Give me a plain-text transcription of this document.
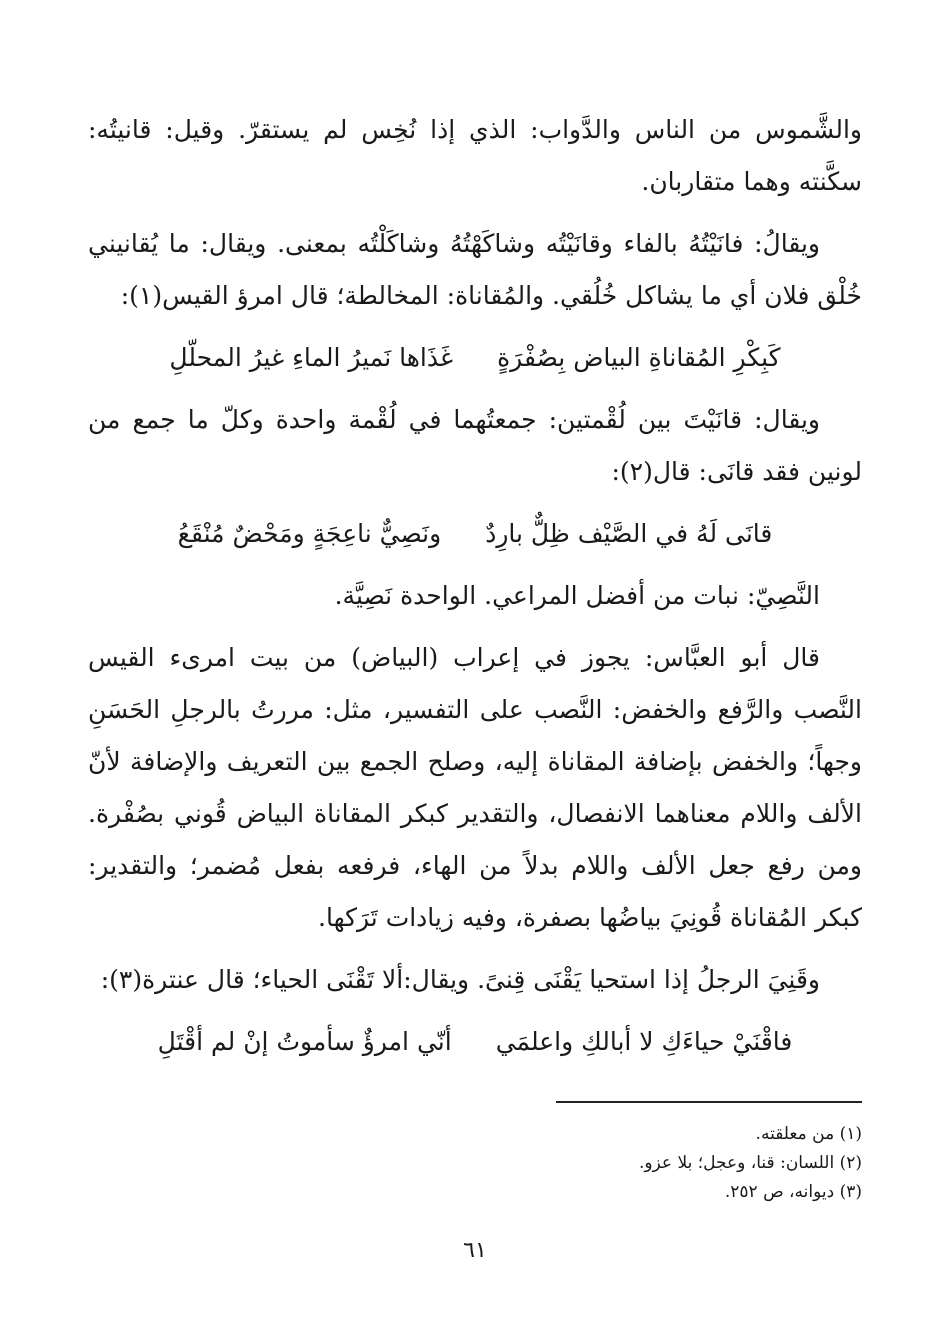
والشَّموس من الناس والدَّواب: الذي إذا نُخِس لم يستقرّ. وقيل: قانيتُه: سكَّنته وهما متقاربان.

ويقالُ: فانَيْتُهُ بالفاء وقانَيْتُه وشاكَهْتُهُ وشاكَلْتُه بمعنى. ويقال: ما يُقانيني خُلْق فلان أي ما يشاكل خُلُقي. والمُقاناة: المخالطة؛ قال امرؤ القيس(١):

كَبِكْرِ المُقاناةِ البياض بِصُفْرَةٍ
غَذَاها نَميرُ الماءِ غيرُ المحلّلِ

ويقال: قانَيْتَ بين لُقْمتين: جمعتُهما في لُقْمة واحدة وكلّ ما جمع من لونين فقد قانَى: قال(٢):

قانَى لَهُ في الصَّيْف ظِلٌّ بارِدٌ
ونَصِيٌّ ناعِجَةٍ ومَحْضٌ مُنْقَعُ

النَّصِيّ: نبات من أفضل المراعي. الواحدة نَصِيَّة.

قال أبو العبَّاس: يجوز في إعراب (البياض) من بيت امرىء القيس النَّصب والرَّفع والخفض: النَّصب على التفسير، مثل: مررتُ بالرجلِ الحَسَنِ وجهاً؛ والخفض بإضافة المقاناة إليه، وصلح الجمع بين التعريف والإضافة لأنّ الألف واللام معناهما الانفصال، والتقدير كبكر المقاناة البياض قُوني بصُفْرة. ومن رفع جعل الألف واللام بدلاً من الهاء، فرفعه بفعل مُضمر؛ والتقدير: كبكر المُقاناة قُونِيَ بياضُها بصفرة، وفيه زيادات تَرَكها.

وقَنِيَ الرجلُ إذا استحيا يَقْنَى قِنىً. ويقال:ألا تَقْنَى الحياء؛ قال عنترة(٣):

فاقْنَيْ حياءَكِ لا أبالكِ واعلمَي
أنّي امرؤٌ سأموتُ إنْ لم أقْتَلِ

(١) من معلقته.

(٢) اللسان: قنا، وعجل؛ بلا عزو.

(٣) ديوانه، ص ٢٥٢.

٦١
